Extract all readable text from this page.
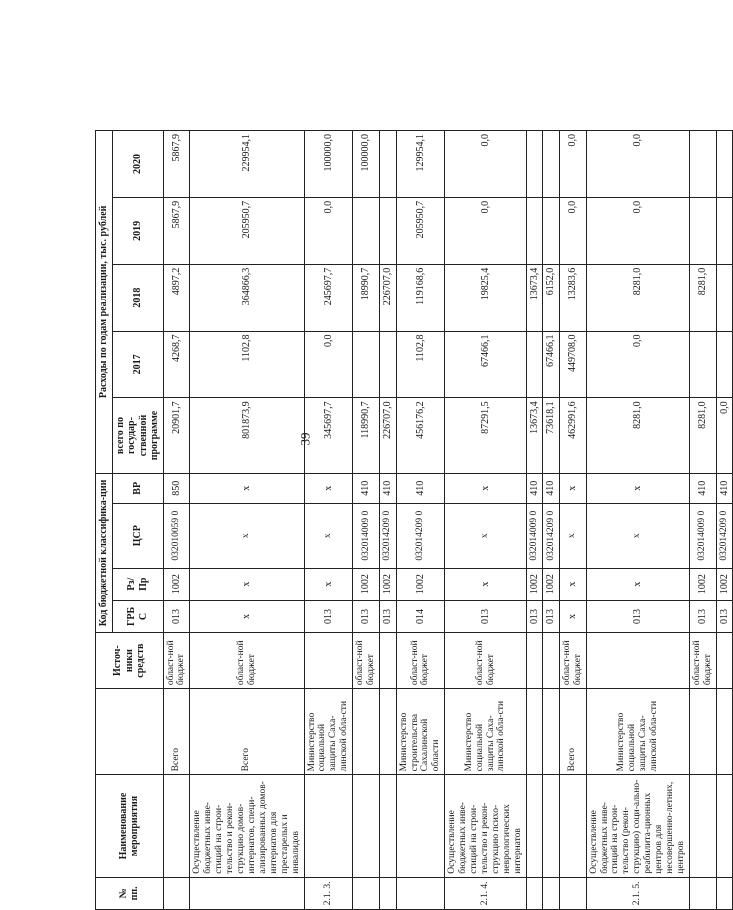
39
№ пп.	Наименование мероприятия		Источ-ники средств	Код бюджетной классифика-ции				Расходы по годам реализации, тыс. рублей				
				ГРБ С	Рз/ Пр	ЦСР	ВР	всего по государ-ственной программе	2017	2018	2019	2020
		Всего	област-ной бюджет	013	1002	032010059 0	850	20901,7	4268,7	4897,2	5867,9	5867,9
	Осуществление бюджетных инве-стиций на строи-тельство и рекон-струкцию домов-интернатов, специ-ализированных домов-интернатов для престарелых и инвалидов	Всего	област-ной бюджет	х	х	х	х	801873,9	1102,8	364866,3	205950,7	229954,1
2.1. 3.		Министерство социальной защиты Саха-линской обла-сти		013	х	х	х	345697,7	0,0	245697,7	0,0	100000,0
			област-ной бюджет	013	1002	032014009 0	410	118990,7		18990,7		100000,0
				013	1002	032014209 0	410	226707,0		226707,0		
		Министерство строительства Сахалинской области	област-ной бюджет	014	1002	032014209 0	410	456176,2	1102,8	119168,6	205950,7	129954,1
2.1. 4.	Осуществление бюджетных инве-стиций на строи-тельство и рекон-струкцию психо-неврологических интернатов	Министерство социальной защиты Саха-линской обла-сти	област-ной бюджет	013	х	х	х	87291,5	67466,1	19825,4	0,0	0,0
				013	1002	032014009 0	410	13673,4		13673,4		
				013	1002	032014209 0	410	73618,1	67466,1	6152,0		
		Всего	област-ной бюджет	х	х	х	х	462991,6	449708,0	13283,6	0,0	0,0
2.1. 5.	Осуществление бюджетных инве-стиций на строи-тельство (рекон-струкцию) соци-ально- реабилита-ционных центров для несовершенно-летних, центров	Министерство социальной защиты Саха-линской обла-сти		013	х	х	х	8281,0	0,0	8281,0	0,0	0,0
			област-ной бюджет	013	1002	032014009 0	410	8281,0		8281,0		
				013	1002	032014209 0	410	0,0				
